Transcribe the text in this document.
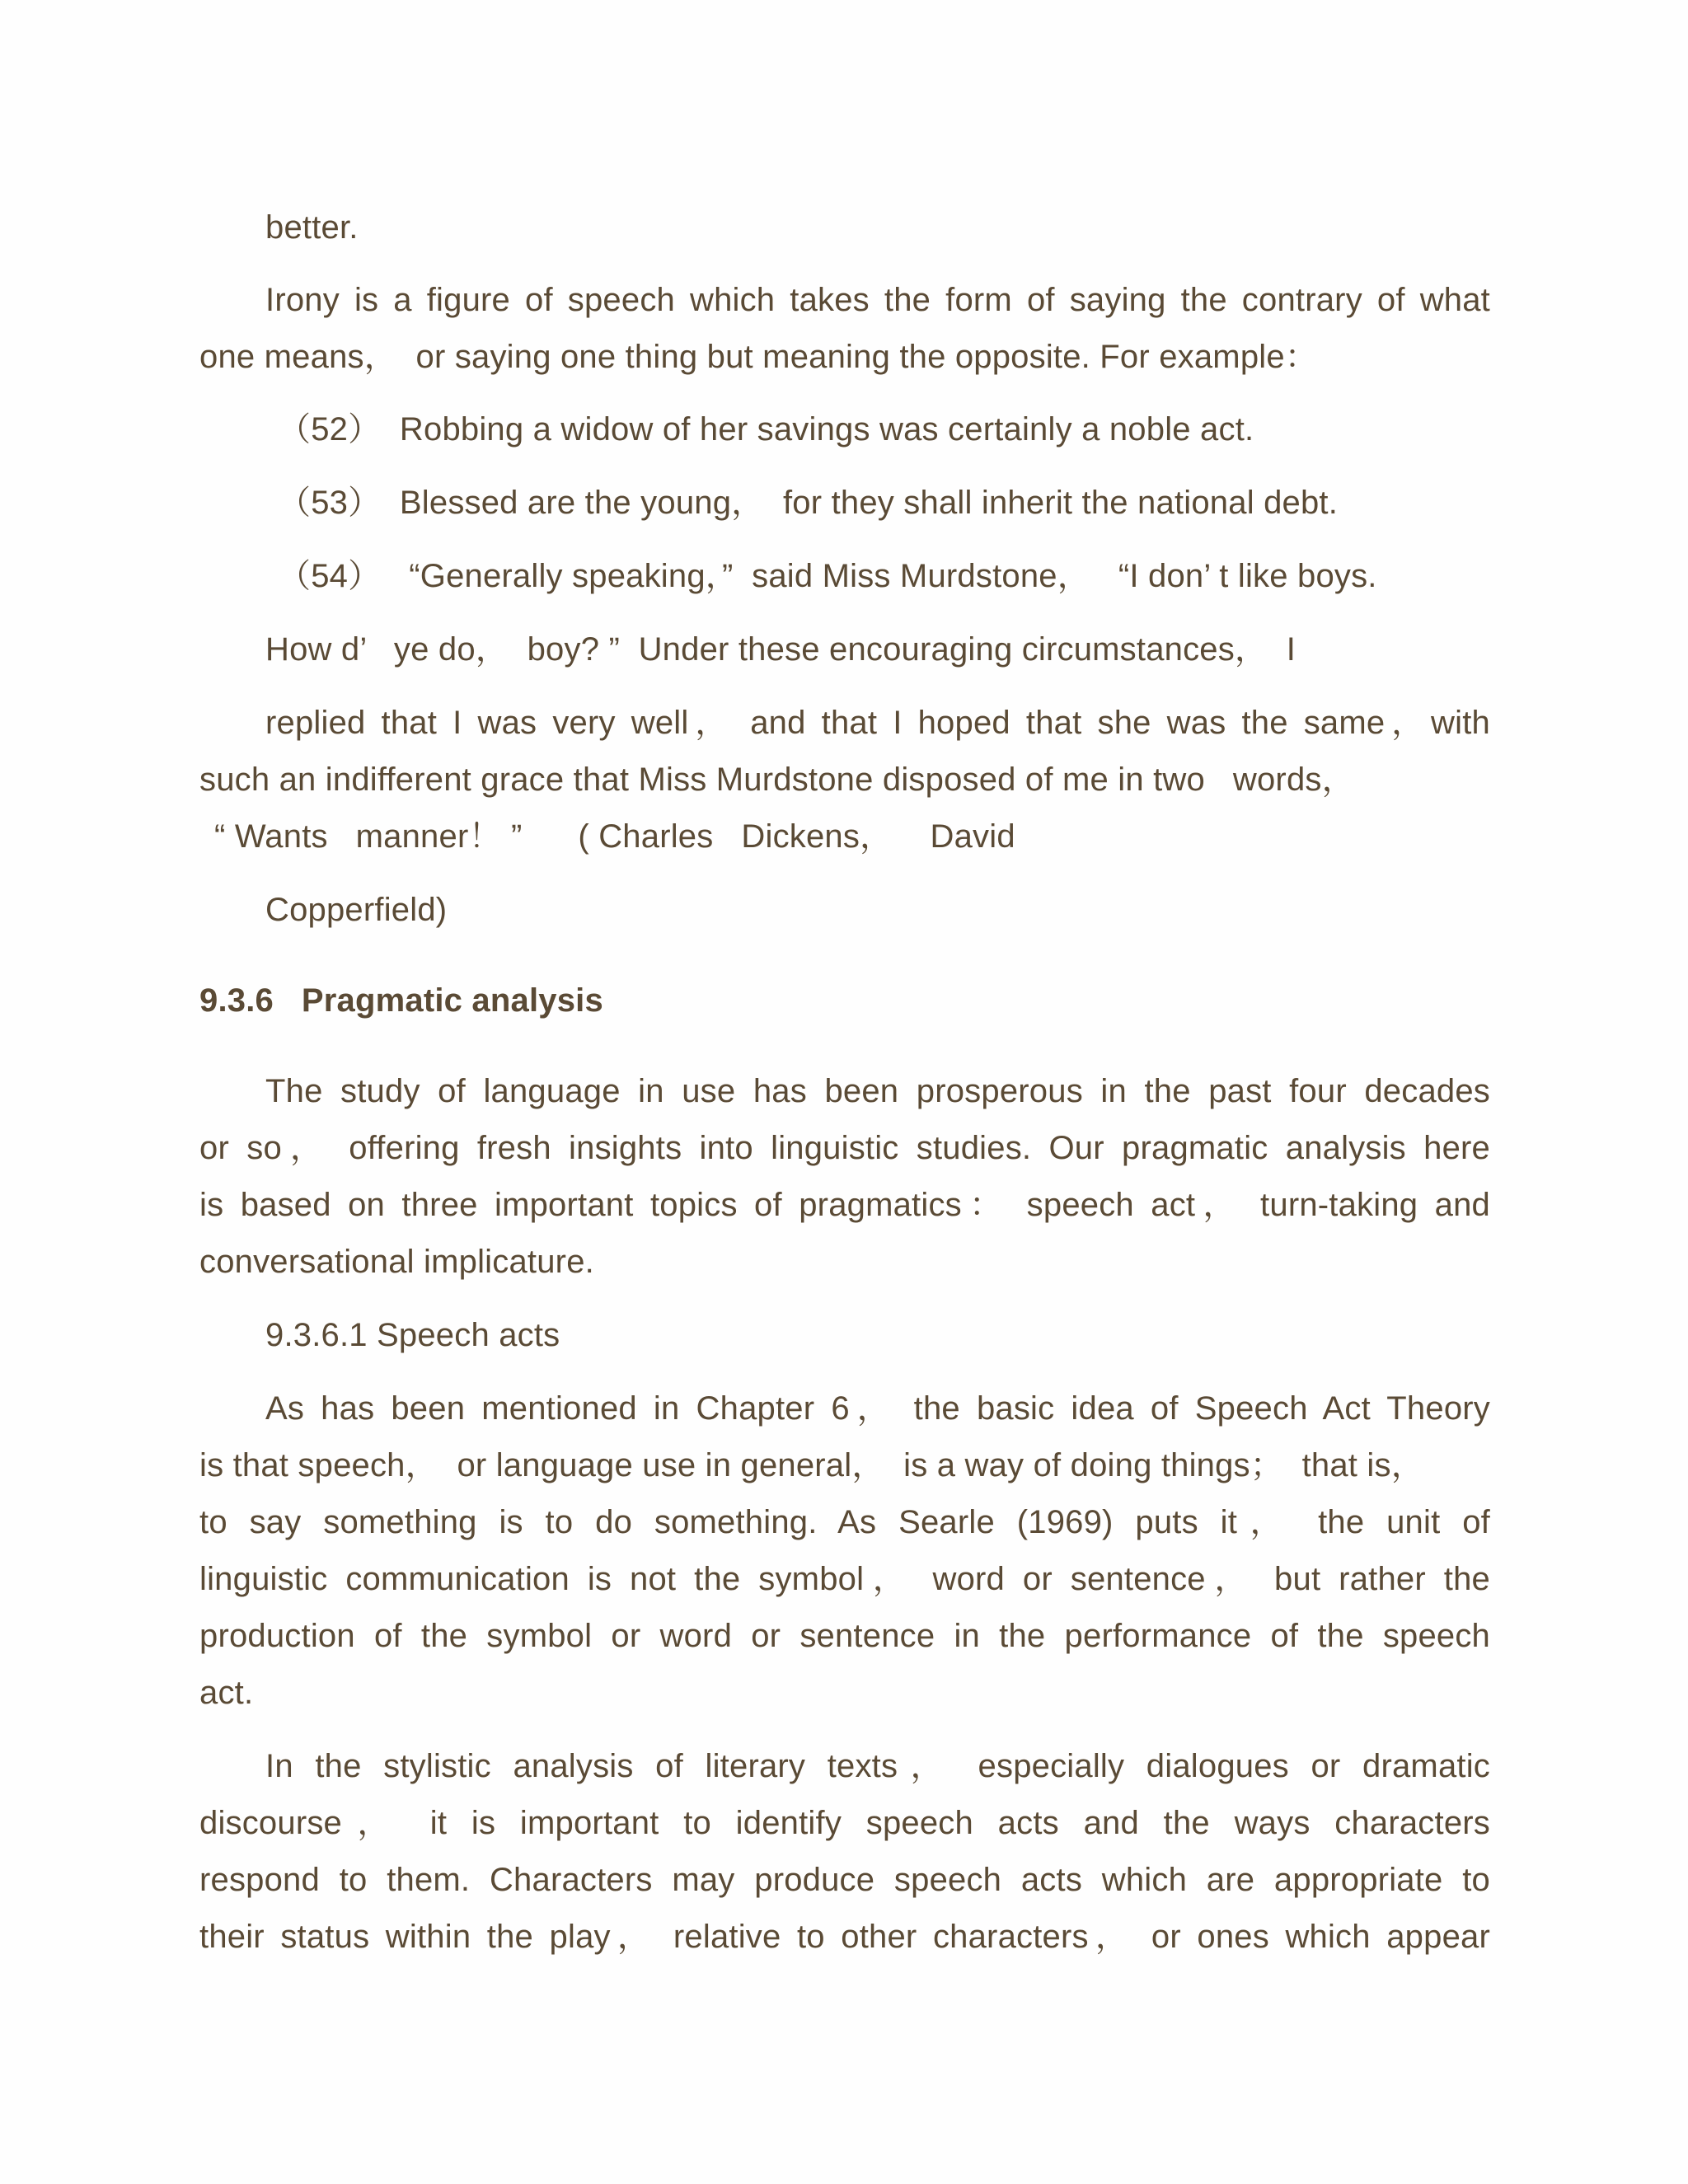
better.
Irony is a figure of speech which takes the form of saying the contrary of what
one means，  or saying one thing but meaning the opposite. For example：
（52）  Robbing a widow of her savings was certainly a noble act.
（53）  Blessed are the young，  for they shall inherit the national debt.
（54）   “Generally speaking，”  said Miss Murdstone，   “I don’ t like boys.
How d’   ye do，  boy? ”  Under these encouraging circumstances，  I
replied that I was very well， and that I hoped that she was the same，with
such an indifferent grace that Miss Murdstone disposed of me in two   words，
“ Wants   manner！ ”      ( Charles   Dickens，    David
Copperfield)
9.3.6   Pragmatic analysis
The study of language in use has been prosperous in the past four decades
or so， offering fresh insights into linguistic studies. Our pragmatic analysis here
is based on three important topics of pragmatics： speech act， turn-taking and
conversational implicature.
9.3.6.1 Speech acts
As has been mentioned in Chapter 6， the basic idea of Speech Act Theory
is that speech，  or language use in general，  is a way of doing things；  that is，
to say something is to do something. As Searle (1969) puts it， the unit of
linguistic communication is not the symbol， word or sentence， but rather the
production of the symbol or word or sentence in the performance of the speech
act.
In the stylistic analysis of literary texts， especially dialogues or dramatic
discourse， it is important to identify speech acts and the ways characters
respond to them. Characters may produce speech acts which are appropriate to
their status within the play， relative to other characters， or ones which appear
